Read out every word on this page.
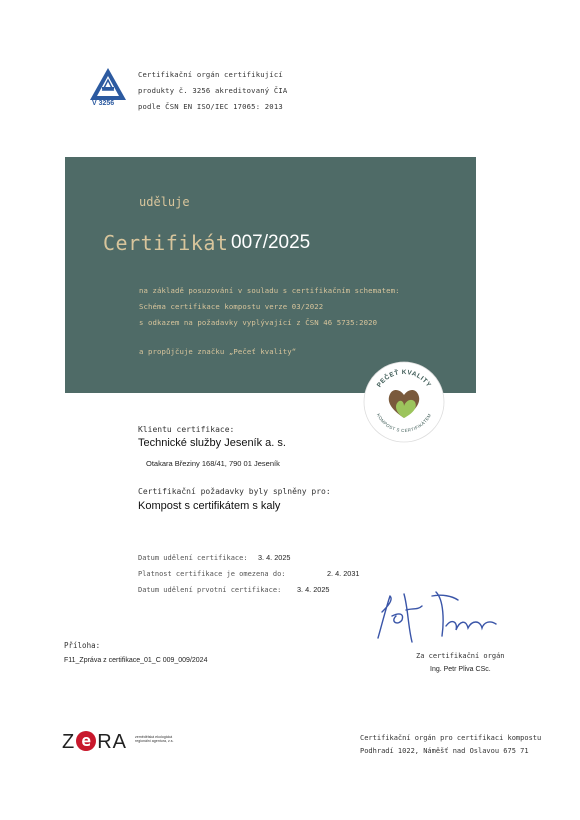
V 3256
Certifikační orgán certifikující
produkty č. 3256 akreditovaný ČIA
podle ČSN EN ISO/IEC 17065: 2013
uděluje
Certifikát 007/2025
na základě posuzování v souladu s certifikačním schematem:
Schéma certifikace kompostu verze 03/2022
s odkazem na požadavky vyplývající z ČSN 46 5735:2020
a propůjčuje značku „Pečeť kvality“
PEČEŤ KVALITY
KOMPOST S CERTIFIKÁTEM
Klientu certifikace:
Technické služby Jeseník a. s.
Otakara Březiny 168/41, 790 01 Jeseník
Certifikační požadavky byly splněny pro:
Kompost s certifikátem s kaly
Datum udělení certifikace: 3. 4. 2025
Platnost certifikace je omezena do:	2. 4. 2031
Datum udělení prvotní certifikace: 3. 4. 2025
Za certifikační orgán
Ing. Petr Pliva CSc.
Příloha:
F11_Zpráva z certifikace_01_C 009_009/2024
Z e RA zemědělská ekologická regionální agentura, z.s.	Certifikační orgán pro certifikaci kompostu
Podhradí 1022, Náměšť nad Oslavou 675 71
